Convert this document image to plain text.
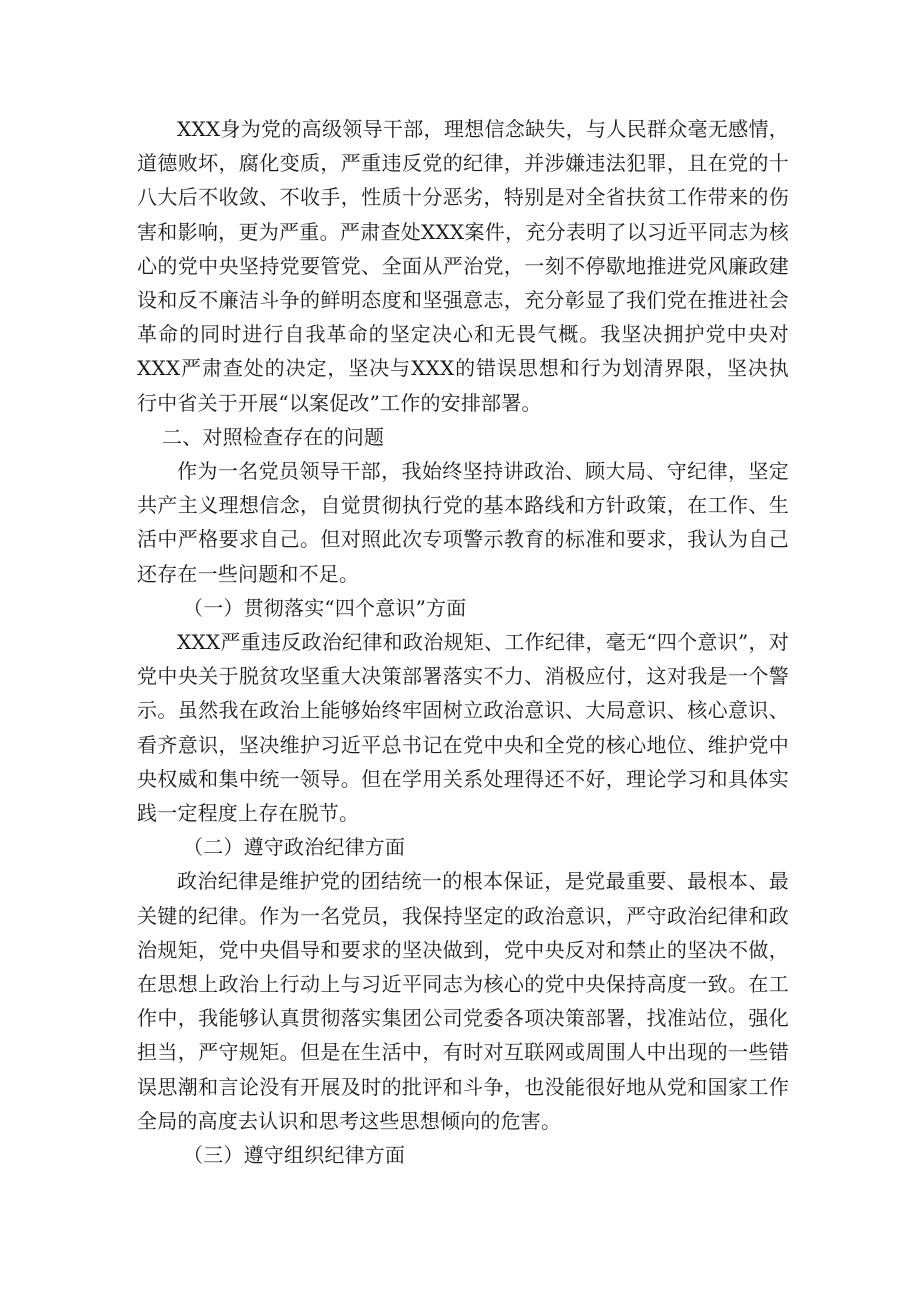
XXX身为党的高级领导干部，理想信念缺失，与人民群众毫无感情，道德败坏，腐化变质，严重违反党的纪律，并涉嫌违法犯罪，且在党的十八大后不收敛、不收手，性质十分恶劣，特别是对全省扶贫工作带来的伤害和影响，更为严重。严肃查处XXX案件，充分表明了以习近平同志为核心的党中央坚持党要管党、全面从严治党，一刻不停歇地推进党风廉政建设和反不廉洁斗争的鲜明态度和坚强意志，充分彰显了我们党在推进社会革命的同时进行自我革命的坚定决心和无畏气概。我坚决拥护党中央对XXX严肃查处的决定，坚决与XXX的错误思想和行为划清界限，坚决执行中省关于开展“以案促改”工作的安排部署。

二、对照检查存在的问题

作为一名党员领导干部，我始终坚持讲政治、顾大局、守纪律，坚定共产主义理想信念，自觉贯彻执行党的基本路线和方针政策，在工作、生活中严格要求自己。但对照此次专项警示教育的标准和要求，我认为自己还存在一些问题和不足。

（一）贯彻落实“四个意识”方面

XXX严重违反政治纪律和政治规矩、工作纪律，毫无“四个意识”，对党中央关于脱贫攻坚重大决策部署落实不力、消极应付，这对我是一个警示。虽然我在政治上能够始终牢固树立政治意识、大局意识、核心意识、看齐意识，坚决维护习近平总书记在党中央和全党的核心地位、维护党中央权威和集中统一领导。但在学用关系处理得还不好，理论学习和具体实践一定程度上存在脱节。

（二）遵守政治纪律方面

政治纪律是维护党的团结统一的根本保证，是党最重要、最根本、最关键的纪律。作为一名党员，我保持坚定的政治意识，严守政治纪律和政治规矩，党中央倡导和要求的坚决做到，党中央反对和禁止的坚决不做，在思想上政治上行动上与习近平同志为核心的党中央保持高度一致。在工作中，我能够认真贯彻落实集团公司党委各项决策部署，找准站位，强化担当，严守规矩。但是在生活中，有时对互联网或周围人中出现的一些错误思潮和言论没有开展及时的批评和斗争，也没能很好地从党和国家工作全局的高度去认识和思考这些思想倾向的危害。

（三）遵守组织纪律方面
